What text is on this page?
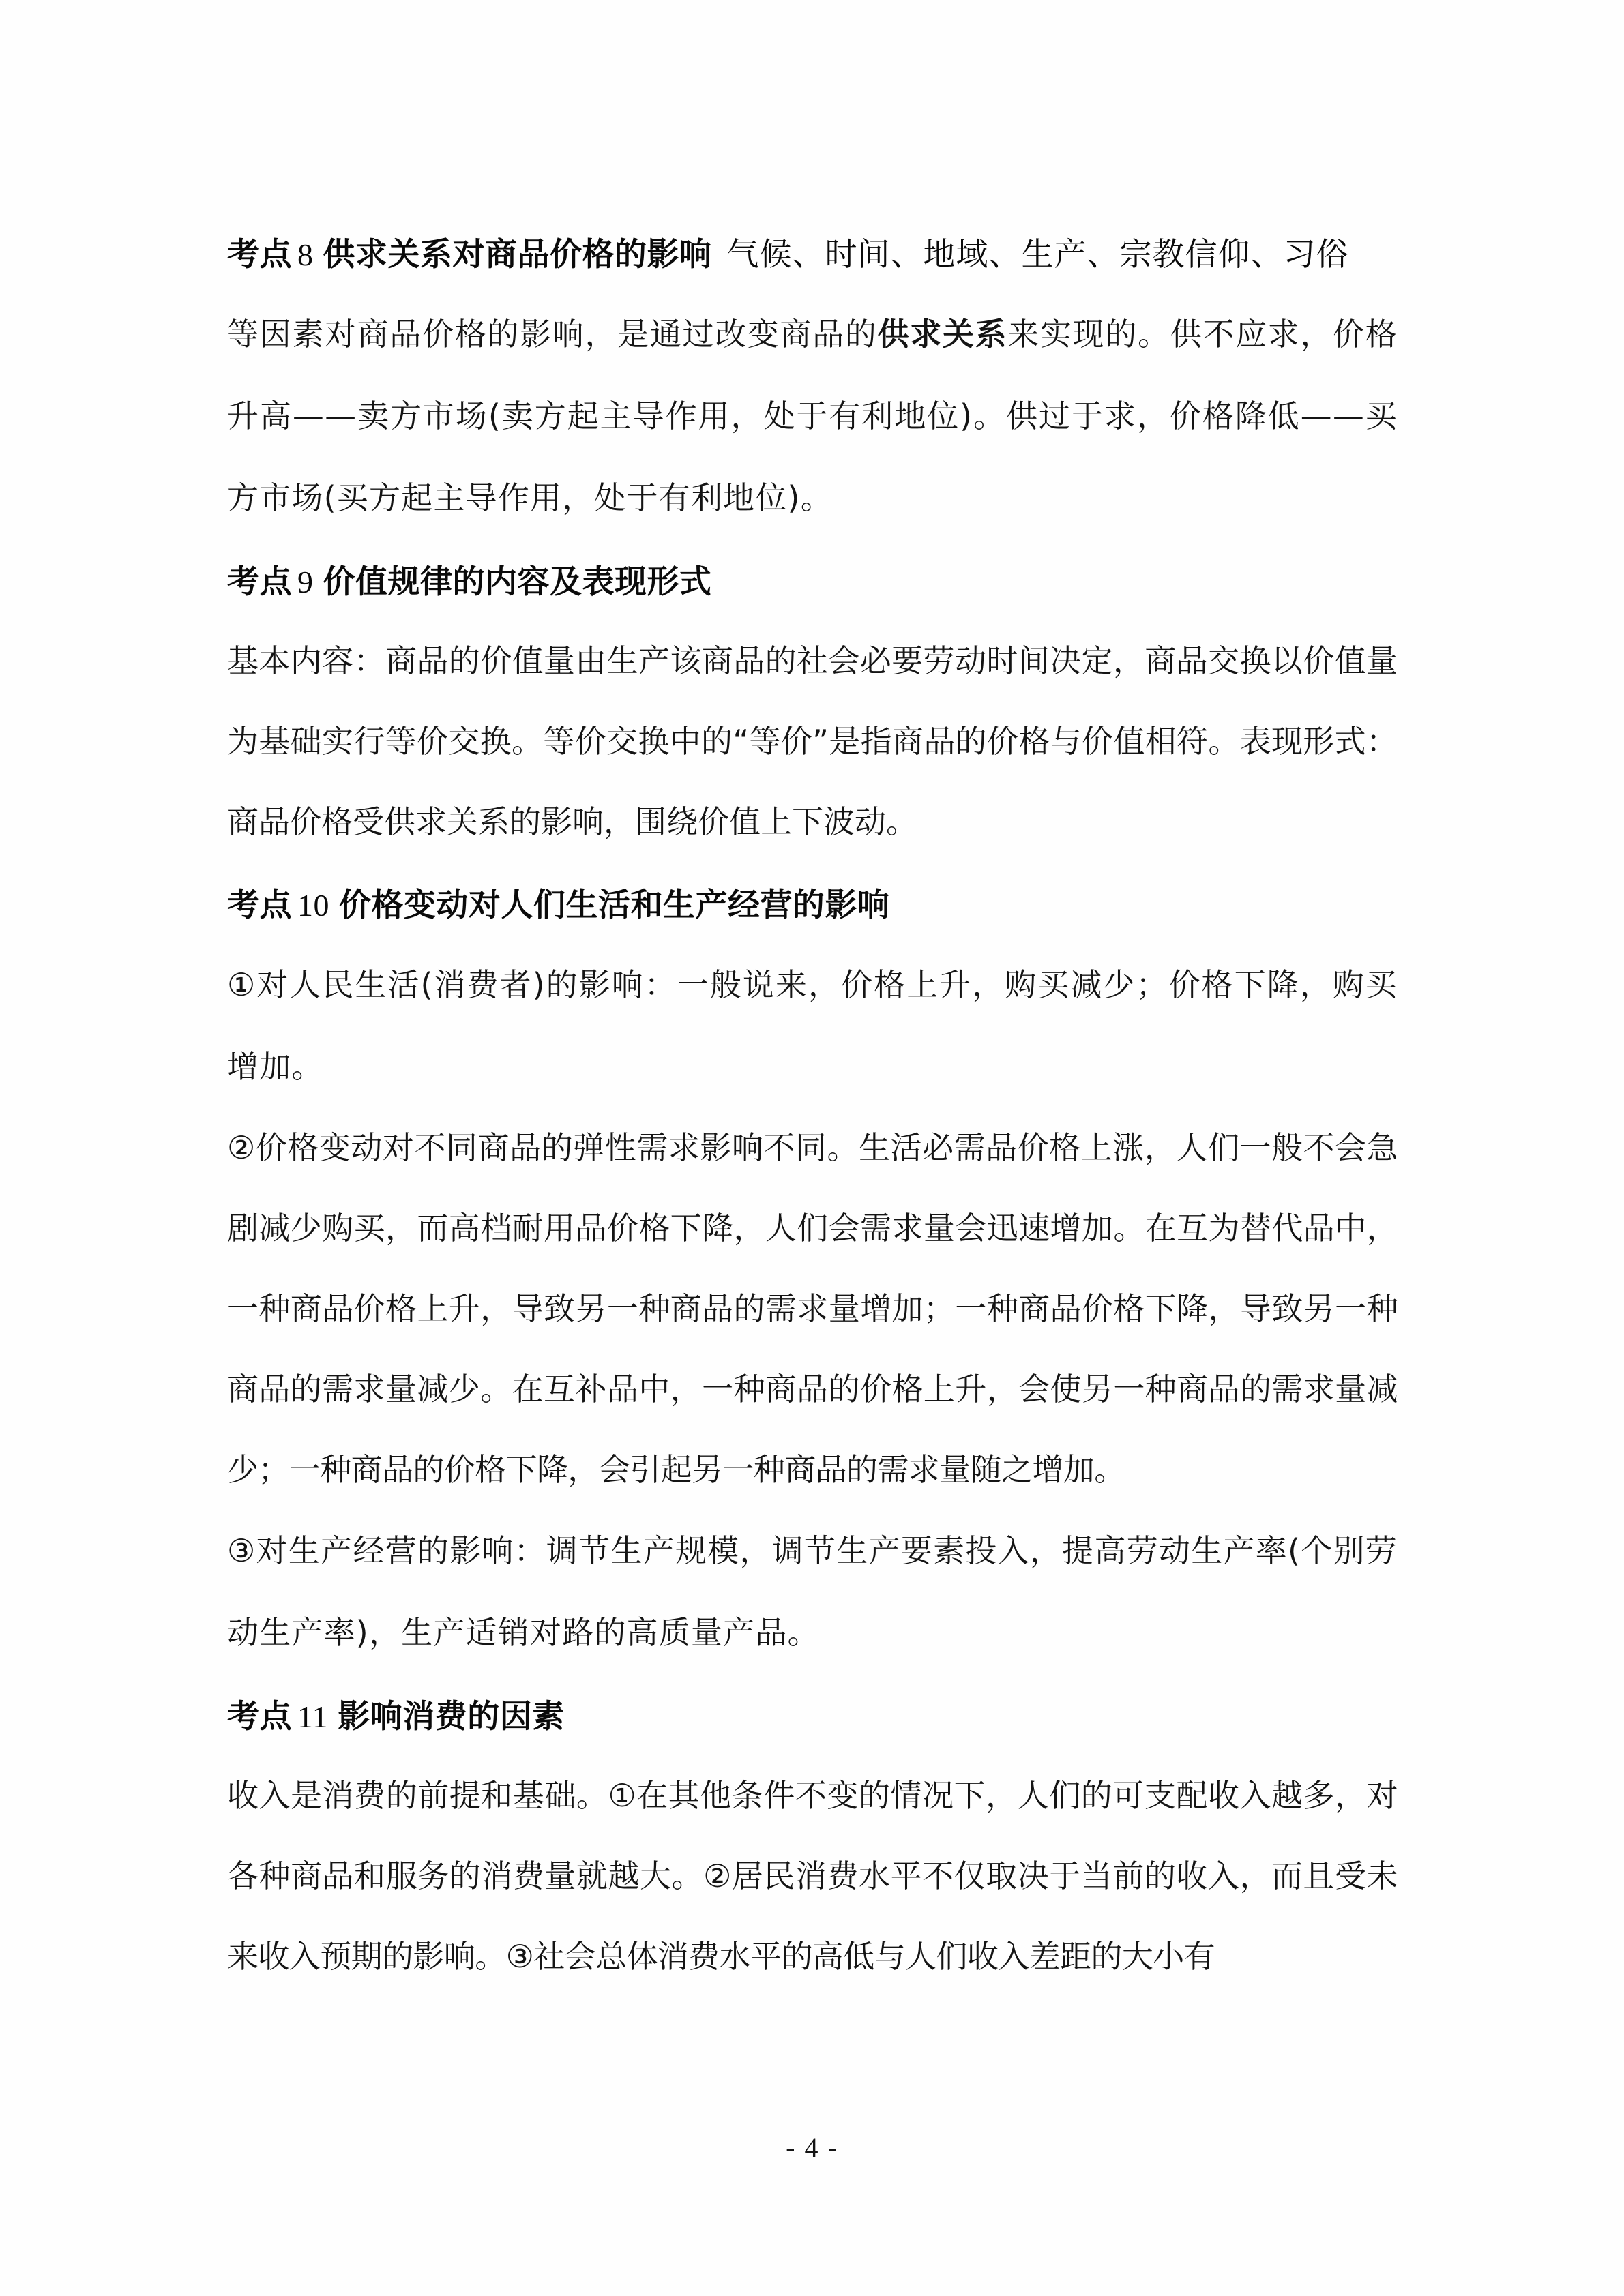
考点 8 供求关系对商品价格的影响 气候、时间、地域、生产、宗教信仰、习俗

等因素对商品价格的影响，是通过改变商品的供求关系来实现的。供不应求，价格升高——卖方市场(卖方起主导作用，处于有利地位)。供过于求，价格降低——买方市场(买方起主导作用，处于有利地位)。

考点 9 价值规律的内容及表现形式

基本内容：商品的价值量由生产该商品的社会必要劳动时间决定，商品交换以价值量为基础实行等价交换。等价交换中的“等价”是指商品的价格与价值相符。表现形式：商品价格受供求关系的影响，围绕价值上下波动。

考点 10 价格变动对人们生活和生产经营的影响

①对人民生活(消费者)的影响：一般说来，价格上升，购买减少；价格下降，购买增加。

②价格变动对不同商品的弹性需求影响不同。生活必需品价格上涨，人们一般不会急剧减少购买，而高档耐用品价格下降，人们会需求量会迅速增加。在互为替代品中，一种商品价格上升，导致另一种商品的需求量增加；一种商品价格下降，导致另一种商品的需求量减少。在互补品中，一种商品的价格上升，会使另一种商品的需求量减少；一种商品的价格下降，会引起另一种商品的需求量随之增加。

③对生产经营的影响：调节生产规模，调节生产要素投入，提高劳动生产率(个别劳动生产率)，生产适销对路的高质量产品。

考点 11 影响消费的因素

收入是消费的前提和基础。①在其他条件不变的情况下，人们的可支配收入越多，对各种商品和服务的消费量就越大。②居民消费水平不仅取决于当前的收入，而且受未来收入预期的影响。③社会总体消费水平的高低与人们收入差距的大小有

- 4 -
